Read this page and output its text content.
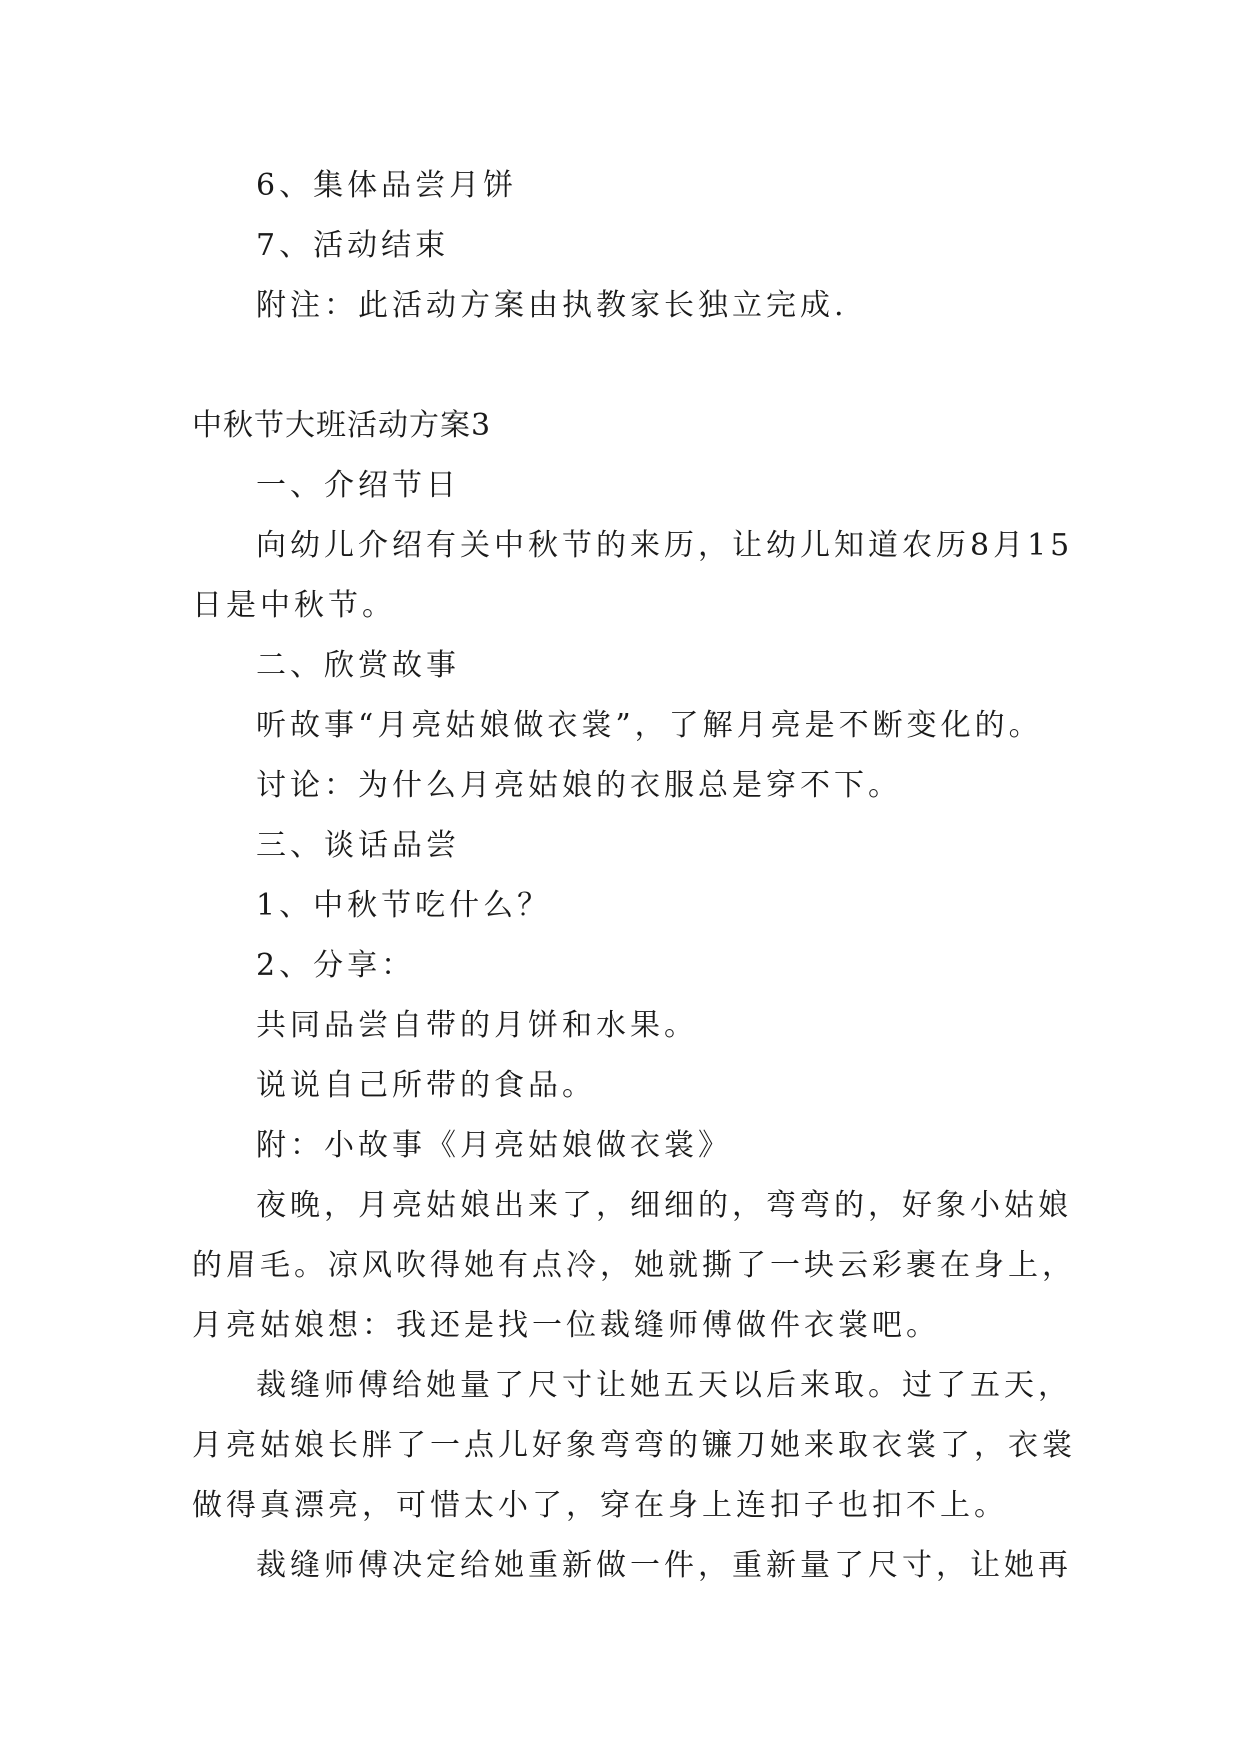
6、集体品尝月饼
7、活动结束
附注：此活动方案由执教家长独立完成.
中秋节大班活动方案3
一、介绍节日
向幼儿介绍有关中秋节的来历，让幼儿知道农历8月15
日是中秋节。
二、欣赏故事
听故事“月亮姑娘做衣裳”，了解月亮是不断变化的。
讨论：为什么月亮姑娘的衣服总是穿不下。
三、谈话品尝
1、中秋节吃什么？
2、分享：
共同品尝自带的月饼和水果。
说说自己所带的食品。
附：小故事《月亮姑娘做衣裳》
夜晚，月亮姑娘出来了，细细的，弯弯的，好象小姑娘
的眉毛。凉风吹得她有点冷，她就撕了一块云彩裹在身上，
月亮姑娘想：我还是找一位裁缝师傅做件衣裳吧。
裁缝师傅给她量了尺寸让她五天以后来取。过了五天，
月亮姑娘长胖了一点儿好象弯弯的镰刀她来取衣裳了，衣裳
做得真漂亮，可惜太小了，穿在身上连扣子也扣不上。
裁缝师傅决定给她重新做一件，重新量了尺寸，让她再
